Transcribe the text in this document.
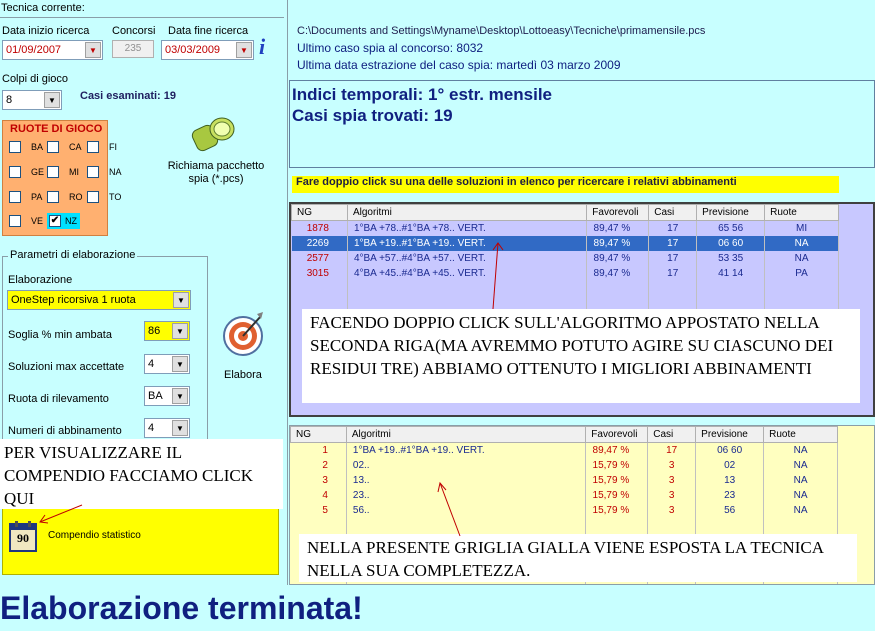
Tecnica corrente:
Data inizio ricerca Concorsi Data fine ricerca
01/09/2007	▼	235	03/03/2009	▼ i
Colpi di gioco
8	▼	Casi esaminati: 19
RUOTE DI GIOCO
BA	CA	FI
GE	MI	NA
PA	RO	TO
VE ✔ NZ
Richiama pacchetto spia (*.pcs)
Parametri di elaborazione
Elaborazione
OneStep ricorsiva 1 ruota	▼
Soglia % min ambata	86	▼
Soluzioni max accettate 4	▼
Ruota di rilevamento	BA	▼
Numeri di abbinamento 4	▼
Elabora
90	Compendio statistico
C:\Documents and Settings\Myname\Desktop\Lottoeasy\Tecniche\primamensile.pcs
Ultimo caso spia al concorso: 8032
Ultima data estrazione del caso spia: martedì 03 marzo 2009
Indici temporali: 1° estr. mensile
Casi spia trovati: 19
Fare doppio click su una delle soluzioni in elenco per ricercare i relativi abbinamenti
NG	Algoritmi	Favorevoli	Casi	Previsione	Ruote
1878	1°BA +78..#1°BA +78.. VERT.	89,47 %	17	65 56	MI
2269	1°BA +19..#1°BA +19.. VERT.	89,47 %	17	06 60	NA
2577	4°BA +57..#4°BA +57.. VERT.	89,47 %	17	53 35	NA
3015	4°BA +45..#4°BA +45.. VERT.	89,47 %	17	41 14	PA

NG	Algoritmi	Favorevoli	Casi	Previsione	Ruote
1	1°BA +19..#1°BA +19.. VERT.	89,47 %	17	06 60	NA
2	02..	15,79 %	3	02	NA
3	13..	15,79 %	3	13	NA
4	23..	15,79 %	3	23	NA
5	56..	15,79 %	3	56	NA

FACENDO DOPPIO CLICK SULL'ALGORITMO APPOSTATO NELLA SECONDA RIGA(MA AVREMMO POTUTO AGIRE SU CIASCUNO DEI RESIDUI TRE) ABBIAMO OTTENUTO I MIGLIORI ABBINAMENTI
PER VISUALIZZARE IL COMPENDIO FACCIAMO CLICK QUI
NELLA PRESENTE GRIGLIA GIALLA VIENE ESPOSTA LA TECNICA NELLA SUA COMPLETEZZA.
Elaborazione terminata!
